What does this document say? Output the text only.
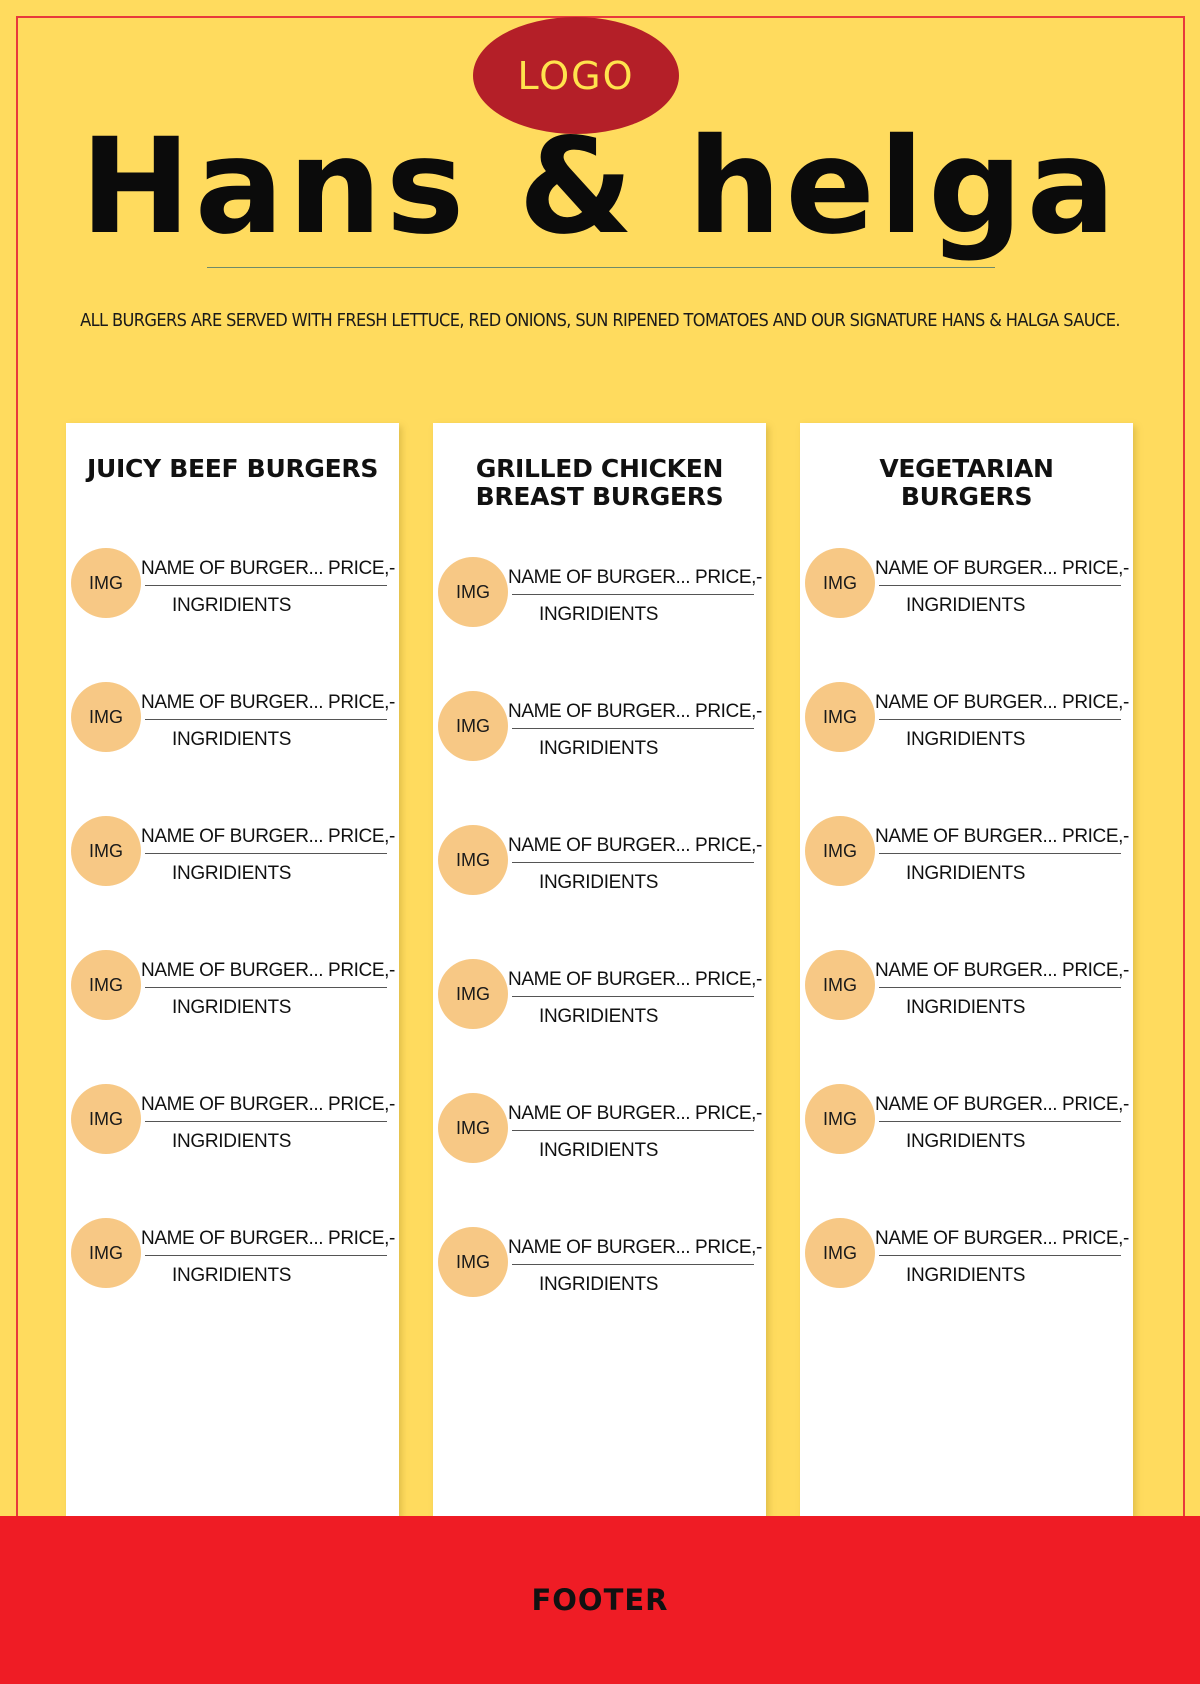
LOGO
Hans & helga
ALL BURGERS ARE SERVED WITH FRESH LETTUCE, RED ONIONS, SUN RIPENED TOMATOES AND OUR SIGNATURE HANS & HALGA SAUCE.
JUICY BEEF BURGERS
IMG
NAME OF BURGER... PRICE,-
INGRIDIENTS
IMG
NAME OF BURGER... PRICE,-
INGRIDIENTS
IMG
NAME OF BURGER... PRICE,-
INGRIDIENTS
IMG
NAME OF BURGER... PRICE,-
INGRIDIENTS
IMG
NAME OF BURGER... PRICE,-
INGRIDIENTS
IMG
NAME OF BURGER... PRICE,-
INGRIDIENTS
GRILLED CHICKEN BREAST BURGERS
IMG
NAME OF BURGER... PRICE,-
INGRIDIENTS
IMG
NAME OF BURGER... PRICE,-
INGRIDIENTS
IMG
NAME OF BURGER... PRICE,-
INGRIDIENTS
IMG
NAME OF BURGER... PRICE,-
INGRIDIENTS
IMG
NAME OF BURGER... PRICE,-
INGRIDIENTS
IMG
NAME OF BURGER... PRICE,-
INGRIDIENTS
VEGETARIAN BURGERS
IMG
NAME OF BURGER... PRICE,-
INGRIDIENTS
IMG
NAME OF BURGER... PRICE,-
INGRIDIENTS
IMG
NAME OF BURGER... PRICE,-
INGRIDIENTS
IMG
NAME OF BURGER... PRICE,-
INGRIDIENTS
IMG
NAME OF BURGER... PRICE,-
INGRIDIENTS
IMG
NAME OF BURGER... PRICE,-
INGRIDIENTS
FOOTER
